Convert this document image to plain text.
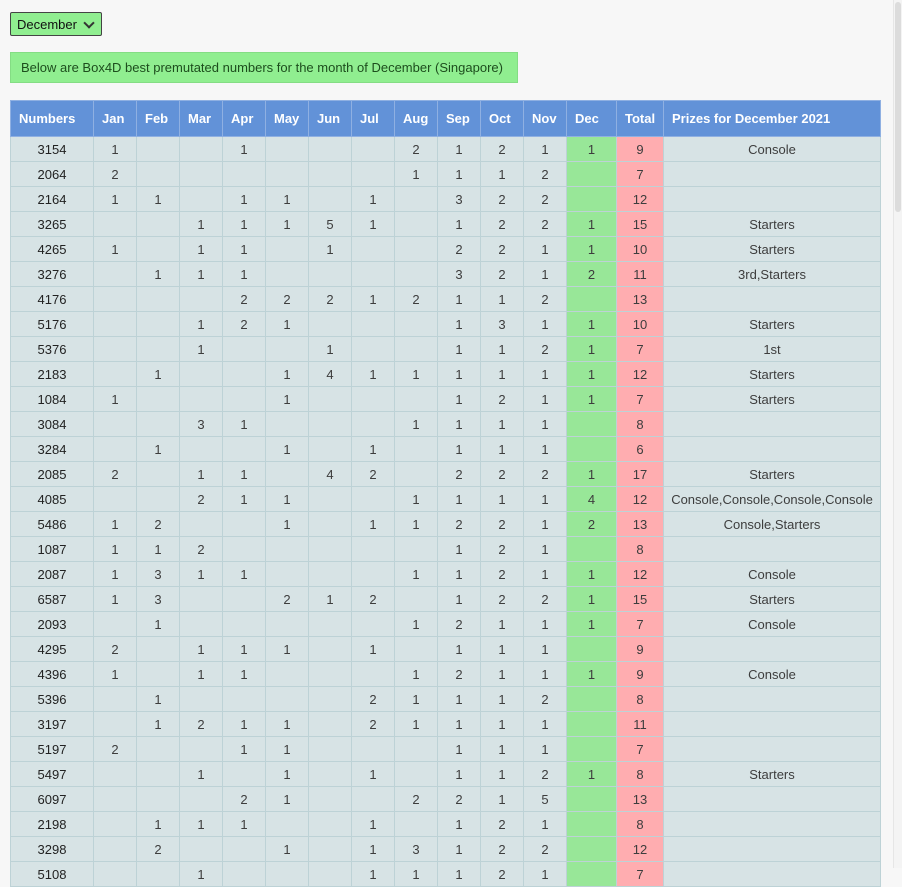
December

Below are Box4D best premutated numbers for the month of December (Singapore)
Numbers	Jan	Feb	Mar	Apr	May	Jun	Jul	Aug	Sep	Oct	Nov	Dec	Total	Prizes for December 2021
3154	1			1				2	1	2	1	1	9	Console
2064	2							1	1	1	2		7	
2164	1	1		1	1		1		3	2	2		12	
3265			1	1	1	5	1		1	2	2	1	15	Starters
4265	1		1	1		1			2	2	1	1	10	Starters
3276		1	1	1					3	2	1	2	11	3rd,Starters
4176				2	2	2	1	2	1	1	2		13	
5176			1	2	1				1	3	1	1	10	Starters
5376			1			1			1	1	2	1	7	1st
2183		1			1	4	1	1	1	1	1	1	12	Starters
1084	1				1				1	2	1	1	7	Starters
3084			3	1				1	1	1	1		8	
3284		1			1		1		1	1	1		6	
2085	2		1	1		4	2		2	2	2	1	17	Starters
4085			2	1	1			1	1	1	1	4	12	Console,Console,Console,Console
5486	1	2			1		1	1	2	2	1	2	13	Console,Starters
1087	1	1	2						1	2	1		8	
2087	1	3	1	1				1	1	2	1	1	12	Console
6587	1	3			2	1	2		1	2	2	1	15	Starters
2093		1						1	2	1	1	1	7	Console
4295	2		1	1	1		1		1	1	1		9	
4396	1		1	1				1	2	1	1	1	9	Console
5396		1					2	1	1	1	2		8	
3197		1	2	1	1		2	1	1	1	1		11	
5197	2			1	1				1	1	1		7	
5497			1		1		1		1	1	2	1	8	Starters
6097				2	1			2	2	1	5		13	
2198		1	1	1			1		1	2	1		8	
3298		2			1		1	3	1	2	2		12	
5108			1				1	1	1	2	1		7	
